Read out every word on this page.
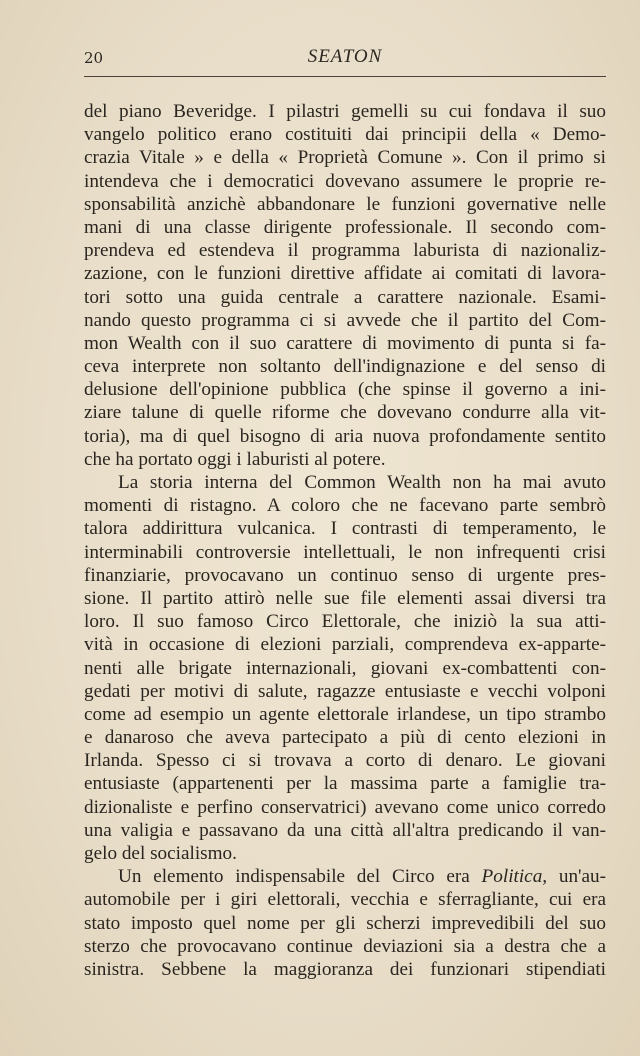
20	SEATON
del piano Beveridge. I pilastri gemelli su cui fondava il suo
vangelo politico erano costituiti dai principii della « Demo-
crazia Vitale » e della « Proprietà Comune ». Con il primo si
intendeva che i democratici dovevano assumere le proprie re-
sponsabilità anzichè abbandonare le funzioni governative nelle
mani di una classe dirigente professionale. Il secondo com-
prendeva ed estendeva il programma laburista di nazionaliz-
zazione, con le funzioni direttive affidate ai comitati di lavora-
tori sotto una guida centrale a carattere nazionale. Esami-
nando questo programma ci si avvede che il partito del Com-
mon Wealth con il suo carattere di movimento di punta si fa-
ceva interprete non soltanto dell'indignazione e del senso di
delusione dell'opinione pubblica (che spinse il governo a ini-
ziare talune di quelle riforme che dovevano condurre alla vit-
toria), ma di quel bisogno di aria nuova profondamente sentito
che ha portato oggi i laburisti al potere.
La storia interna del Common Wealth non ha mai avuto
momenti di ristagno. A coloro che ne facevano parte sembrò
talora addirittura vulcanica. I contrasti di temperamento, le
interminabili controversie intellettuali, le non infrequenti crisi
finanziarie, provocavano un continuo senso di urgente pres-
sione. Il partito attirò nelle sue file elementi assai diversi tra
loro. Il suo famoso Circo Elettorale, che iniziò la sua atti-
vità in occasione di elezioni parziali, comprendeva ex-apparte-
nenti alle brigate internazionali, giovani ex-combattenti con-
gedati per motivi di salute, ragazze entusiaste e vecchi volponi
come ad esempio un agente elettorale irlandese, un tipo strambo
e danaroso che aveva partecipato a più di cento elezioni in
Irlanda. Spesso ci si trovava a corto di denaro. Le giovani
entusiaste (appartenenti per la massima parte a famiglie tra-
dizionaliste e perfino conservatrici) avevano come unico corredo
una valigia e passavano da una città all'altra predicando il van-
gelo del socialismo.
Un elemento indispensabile del Circo era Politica, un'au-
automobile per i giri elettorali, vecchia e sferragliante, cui era
stato imposto quel nome per gli scherzi imprevedibili del suo
sterzo che provocavano continue deviazioni sia a destra che a
sinistra. Sebbene la maggioranza dei funzionari stipendiati
